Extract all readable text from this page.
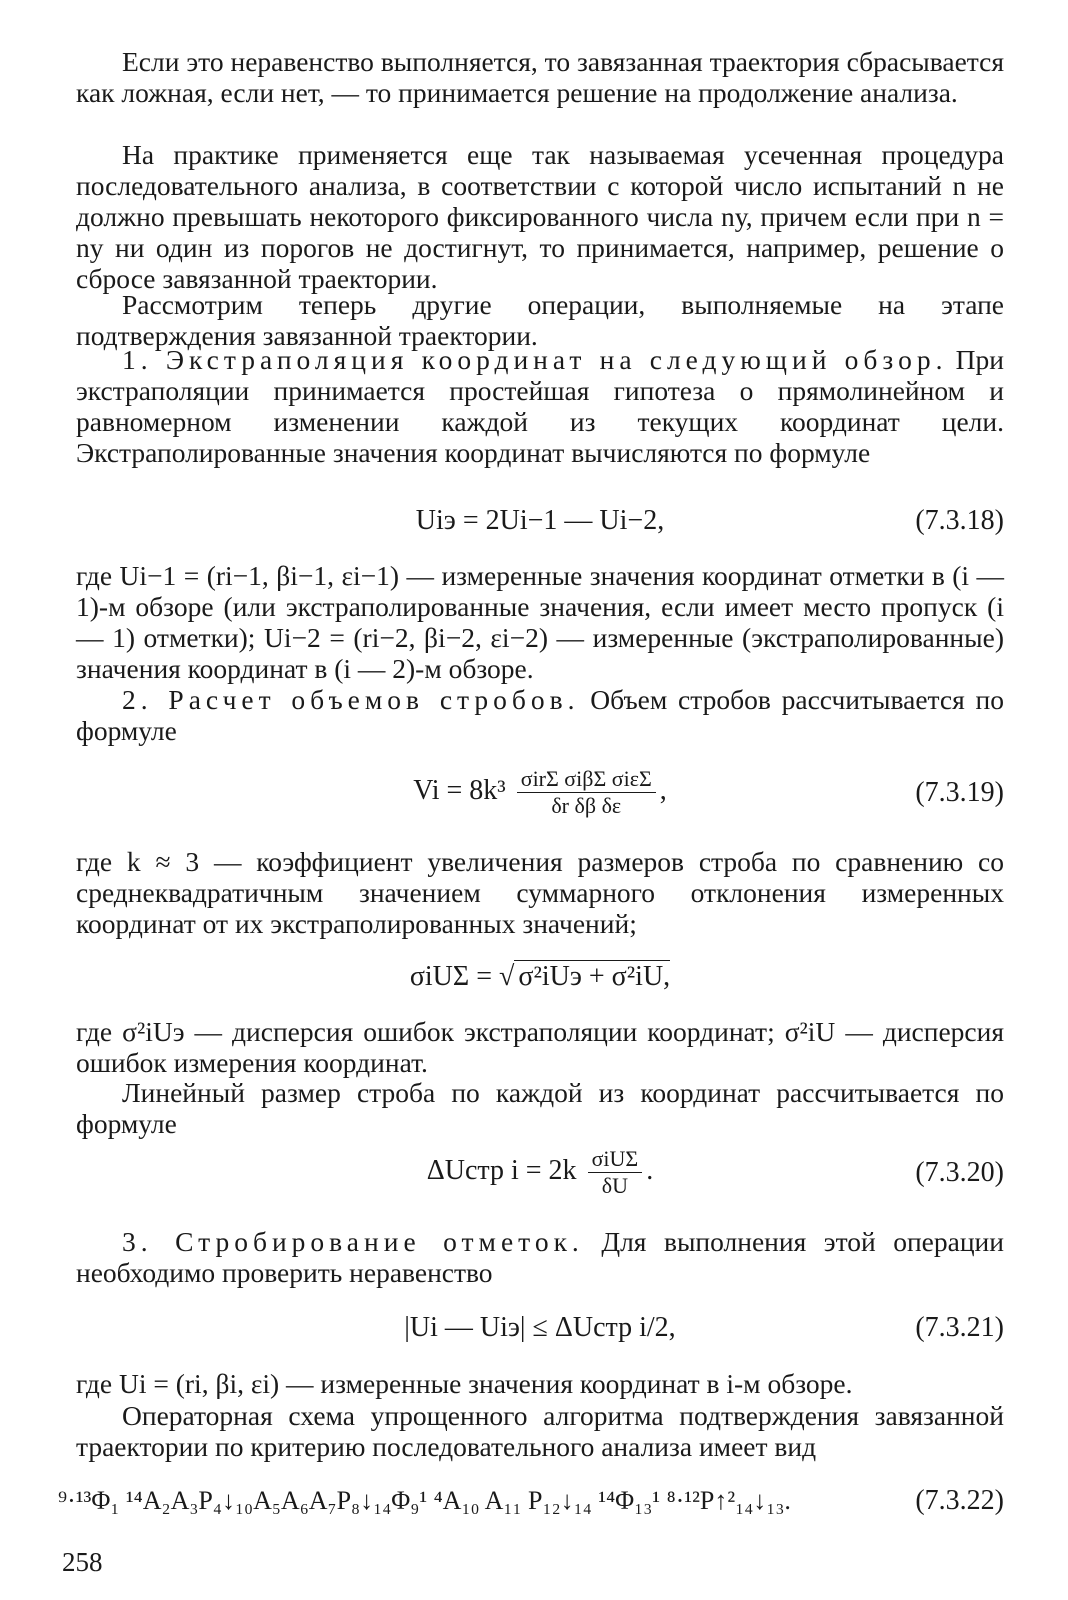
Если это неравенство выполняется, то завязанная траектория сбрасывается как ложная, если нет, — то принимается решение на продолжение анализа.

На практике применяется еще так называемая усеченная процедура последовательного анализа, в соответствии с которой число испытаний n не должно превышать некоторого фиксированного числа nу, причем если при n = nу ни один из порогов не достигнут, то принимается, например, решение о сбросе завязанной траектории.

Рассмотрим теперь другие операции, выполняемые на этапе подтверждения завязанной траектории.

1. Экстраполяция координат на следующий обзор. При экстраполяции принимается простейшая гипотеза о прямолинейном и равномерном изменении каждой из текущих координат цели. Экстраполированные значения координат вычисляются по формуле

Uiэ = 2Ui−1 — Ui−2,	(7.3.18)

где Ui−1 = (ri−1, βi−1, εi−1) — измеренные значения координат отметки в (i — 1)-м обзоре (или экстраполированные значения, если имеет место пропуск (i — 1) отметки); Ui−2 = (ri−2, βi−2, εi−2) — измеренные (экстраполированные) значения координат в (i — 2)-м обзоре.

2. Расчет объемов стробов. Объем стробов рассчитывается по формуле

$Vi = 8k^3 \frac{\text{σirΣ σiβΣ σiεΣ}}{\text{δr δβ δε}}$ ,	(7.3.19)

где k ≈ 3 — коэффициент увеличения размеров строба по сравнению со среднеквадратичным значением суммарного отклонения измеренных координат от их экстраполированных значений;

σiUΣ = √ σ²iUэ + σ²iU,

где σ²iUэ — дисперсия ошибок экстраполяции координат; σ²iU — дисперсия ошибок измерения координат.

Линейный размер строба по каждой из координат рассчитывается по формуле

ΔUстр $i = 2k \frac{\text{σiUΣ}}{\delta U}$ .	(7.3.20)

3. Стробирование отметок. Для выполнения этой операции необходимо проверить неравенство

|Ui — Uiэ| ≤ ΔUстр i/2,	(7.3.21)

где Ui = (ri, βi, εi) — измеренные значения координат в i-м обзоре.

Операторная схема упрощенного алгоритма подтверждения завязанной траектории по критерию последовательного анализа имеет вид

⁹·¹³Φ₁ ¹⁴A₂A₃P₄↓₁₀A₅A₆A₇P₈↓₁₄Φ₉¹ ⁴A₁₀ A₁₁ P₁₂↓₁₄ ¹⁴Φ₁₃¹ ⁸·¹²P↑²₁₄↓₁₃.	(7.3.22)
258
